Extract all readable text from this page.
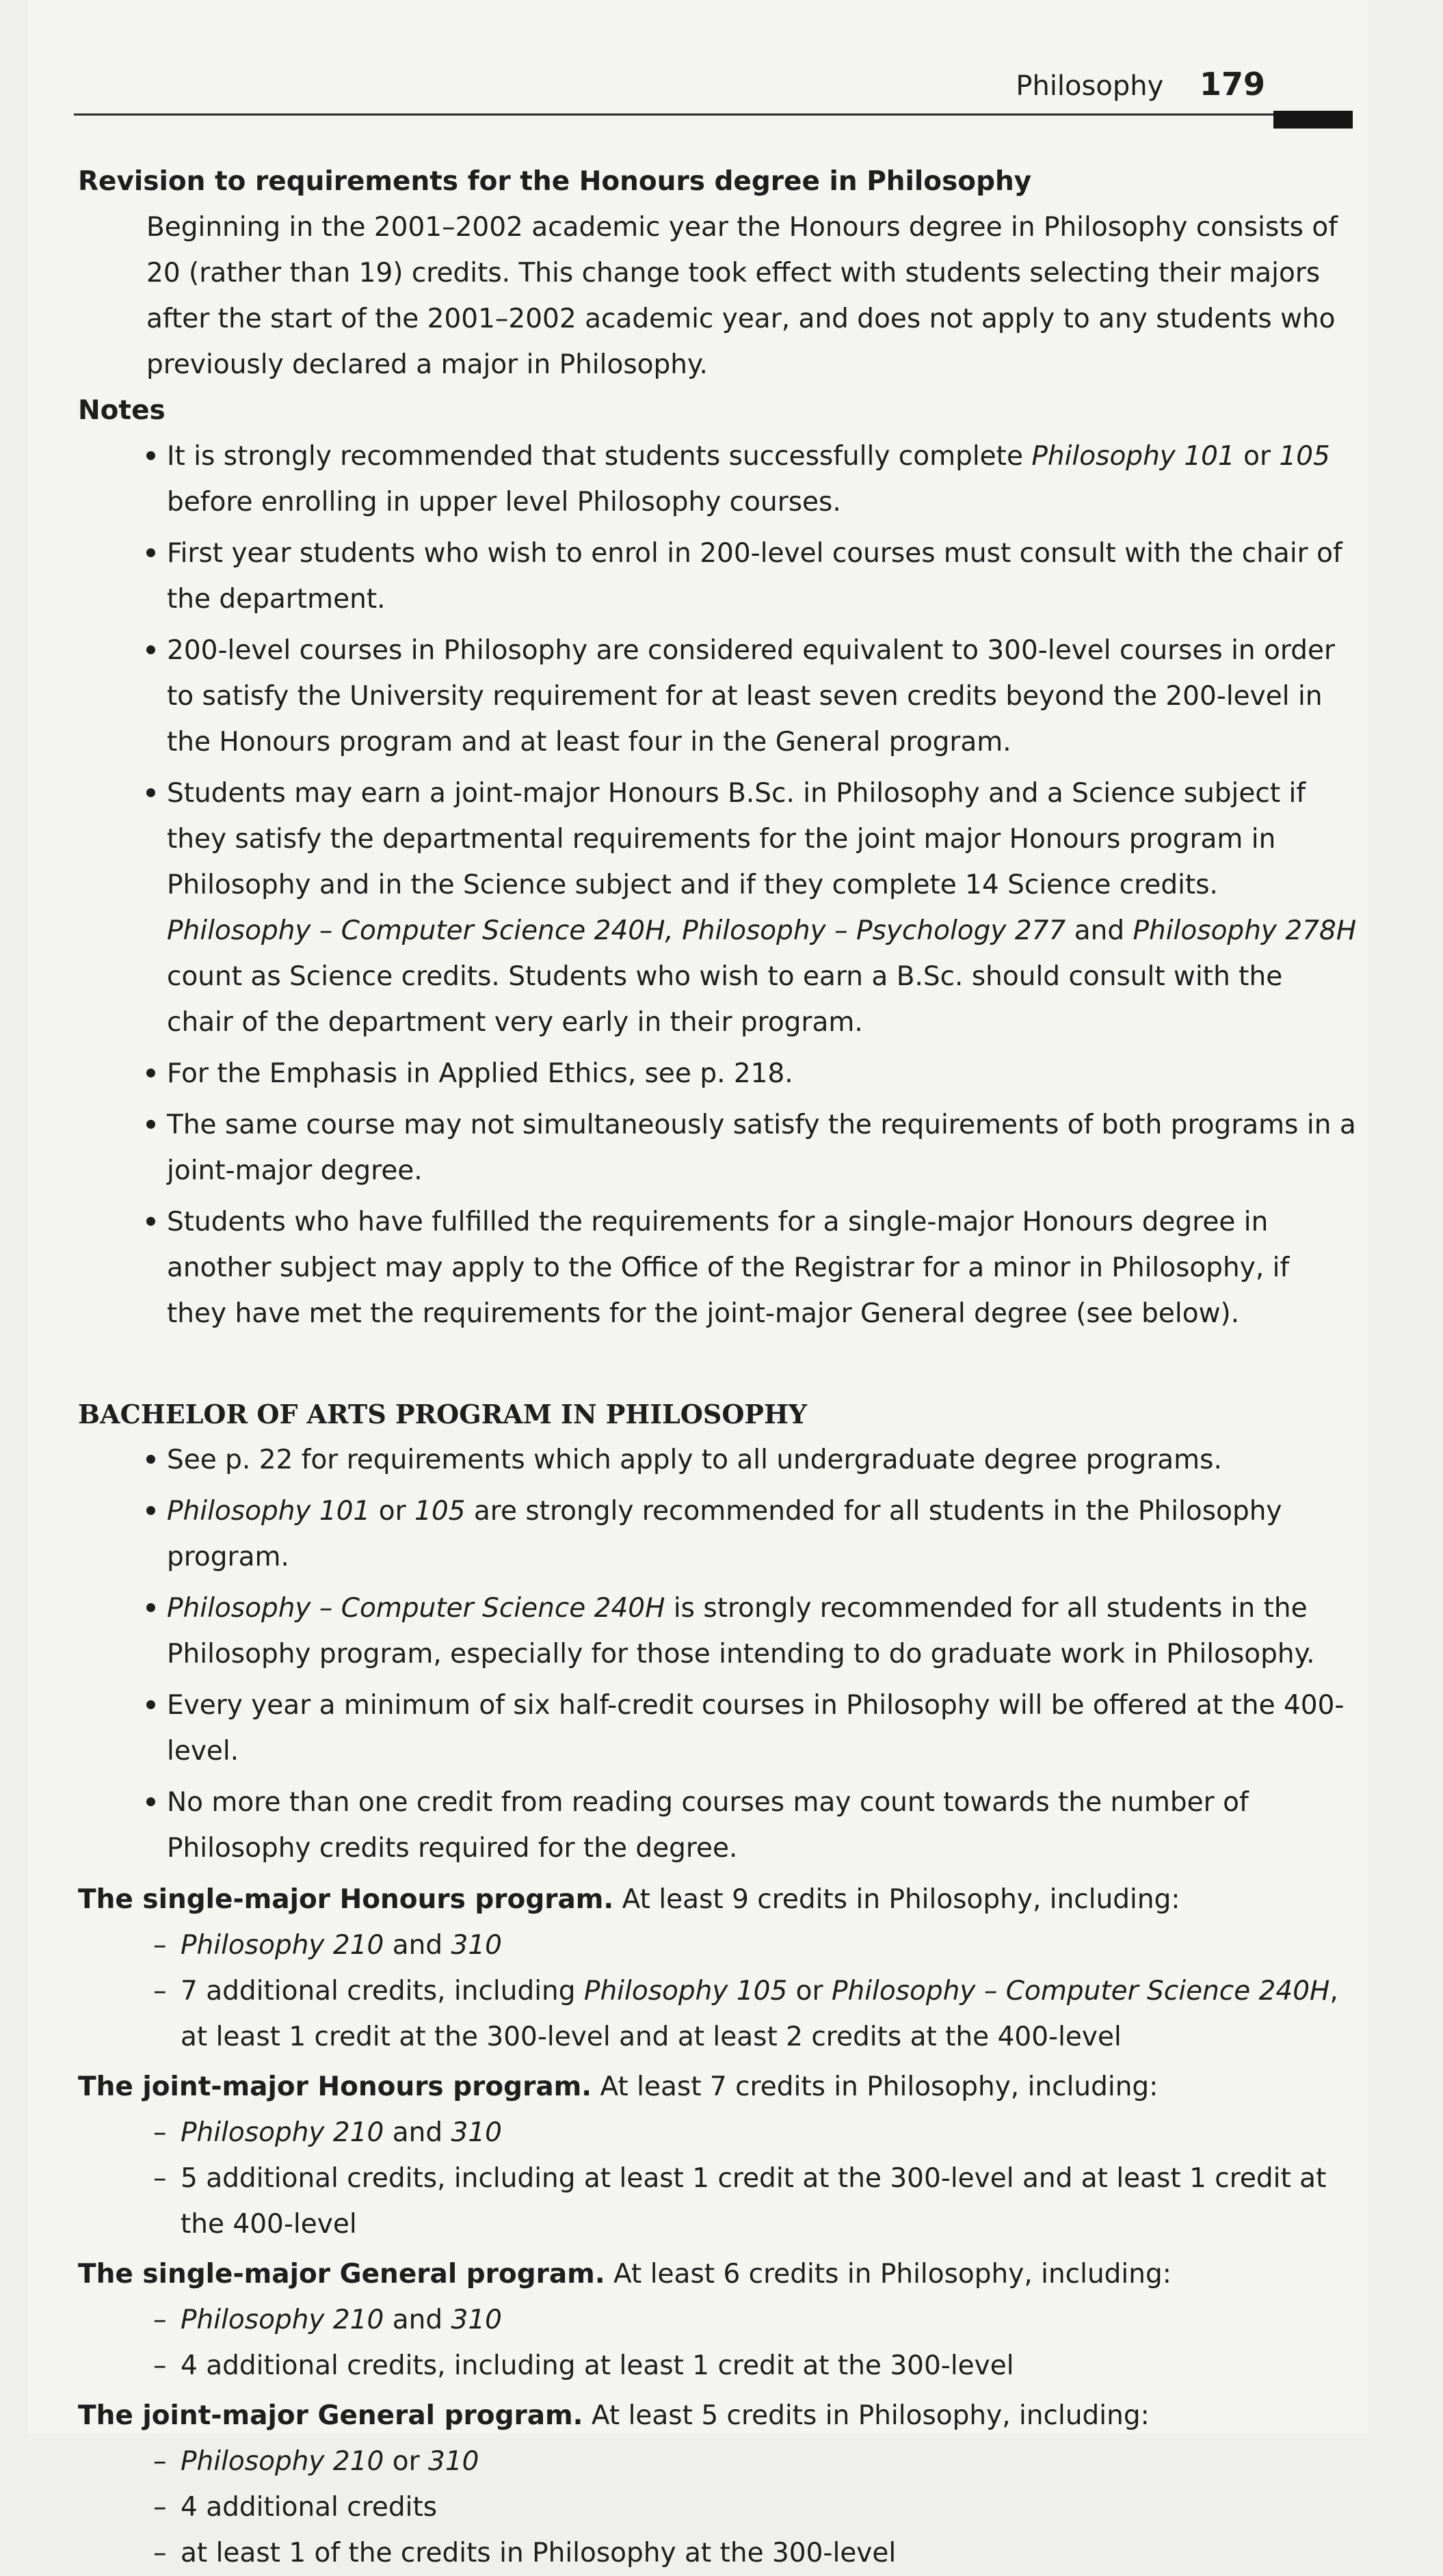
Philosophy 179

Revision to requirements for the Honours degree in Philosophy

Beginning in the 2001–2002 academic year the Honours degree in Philosophy consists of 20 (rather than 19) credits. This change took effect with students selecting their majors after the start of the 2001–2002 academic year, and does not apply to any students who previously declared a major in Philosophy.

Notes

It is strongly recommended that students successfully complete Philosophy 101 or 105 before enrolling in upper level Philosophy courses.
First year students who wish to enrol in 200-level courses must consult with the chair of the department.
200-level courses in Philosophy are considered equivalent to 300-level courses in order to satisfy the University requirement for at least seven credits beyond the 200-level in the Honours program and at least four in the General program.
Students may earn a joint-major Honours B.Sc. in Philosophy and a Science subject if they satisfy the departmental requirements for the joint major Honours program in Philosophy and in the Science subject and if they complete 14 Science credits. Philosophy – Computer Science 240H, Philosophy – Psychology 277 and Philosophy 278H count as Science credits. Students who wish to earn a B.Sc. should consult with the chair of the department very early in their program.
For the Emphasis in Applied Ethics, see p. 218.
The same course may not simultaneously satisfy the requirements of both programs in a joint-major degree.
Students who have fulfilled the requirements for a single-major Honours degree in another subject may apply to the Office of the Registrar for a minor in Philosophy, if they have met the requirements for the joint-major General degree (see below).

BACHELOR OF ARTS PROGRAM IN PHILOSOPHY

See p. 22 for requirements which apply to all undergraduate degree programs.
Philosophy 101 or 105 are strongly recommended for all students in the Philosophy program.
Philosophy – Computer Science 240H is strongly recommended for all students in the Philosophy program, especially for those intending to do graduate work in Philosophy.
Every year a minimum of six half-credit courses in Philosophy will be offered at the 400-level.
No more than one credit from reading courses may count towards the number of Philosophy credits required for the degree.

The single-major Honours program. At least 9 credits in Philosophy, including:

– Philosophy 210 and 310
– 7 additional credits, including Philosophy 105 or Philosophy – Computer Science 240H, at least 1 credit at the 300-level and at least 2 credits at the 400-level

The joint-major Honours program. At least 7 credits in Philosophy, including:

– Philosophy 210 and 310
– 5 additional credits, including at least 1 credit at the 300-level and at least 1 credit at the 400-level

The single-major General program. At least 6 credits in Philosophy, including:

– Philosophy 210 and 310
– 4 additional credits, including at least 1 credit at the 300-level

The joint-major General program. At least 5 credits in Philosophy, including:

– Philosophy 210 or 310
– 4 additional credits
– at least 1 of the credits in Philosophy at the 300-level
